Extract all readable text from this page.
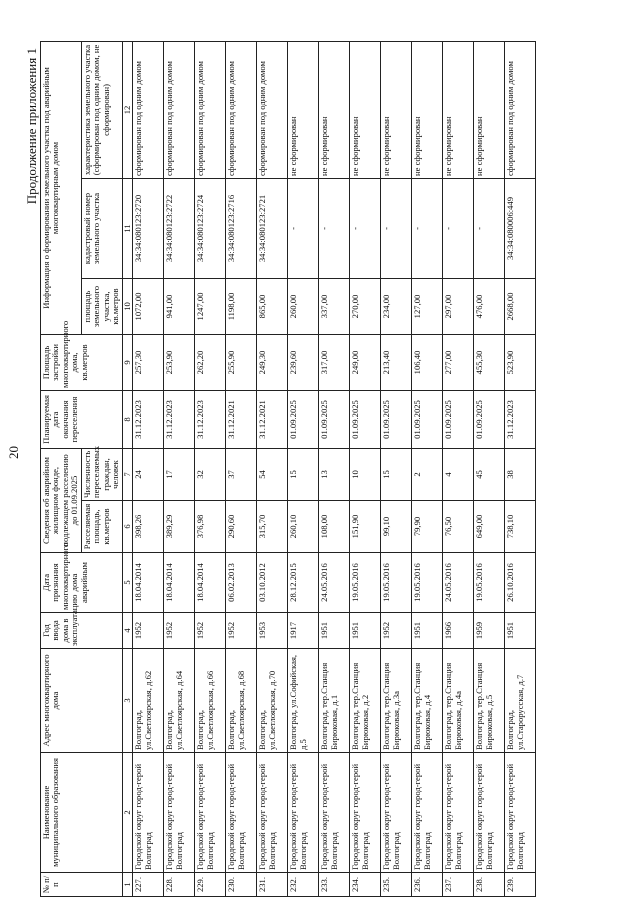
20
Продолжение приложения 1
№ п/п	Наименование муниципального образования	Адрес многоквартирного дома	Год ввода дома в эксплуатацию	Дата признания многоквартирного дома аварийным	Сведения об аварийном жилищном фонде, подлежащем расселению до 01.09.2025		Планируемая дата окончания переселения	Площадь застройки многоквартирного дома, кв.метров	Информация о формировании земельного участка под аварийным многоквартирным домом		
					Расселяемая площадь, кв.метров	Численность переселяемых граждан, человек			площадь земельного участка, кв.метров	кадастровый номер земельного участка	характеристика земельного участка (сформирован под одним домом, не сформирован)
1	2	3	4	5	6	7	8	9	10	11	12
227.	Городской округ город-герой Волгоград	Волгоград, ул.Светлоярская, д.62	1952	18.04.2014	398,26	24	31.12.2023	257,30	1072,00	34:34:080123:2720	сформирован под одним домом
228.	Городской округ город-герой Волгоград	Волгоград, ул.Светлоярская, д.64	1952	18.04.2014	389,29	17	31.12.2023	253,90	941,00	34:34:080123:2722	сформирован под одним домом
229.	Городской округ город-герой Волгоград	Волгоград, ул.Светлоярская, д.66	1952	18.04.2014	376,98	32	31.12.2023	262,20	1247,00	34:34:080123:2724	сформирован под одним домом
230.	Городской округ город-герой Волгоград	Волгоград, ул.Светлоярская, д.68	1952	06.02.2013	290,60	37	31.12.2021	255,90	1198,00	34:34:080123:2716	сформирован под одним домом
231.	Городской округ город-герой Волгоград	Волгоград, ул.Светлоярская, д.70	1953	03.10.2012	315,70	54	31.12.2021	249,30	865,00	34:34:080123:2721	сформирован под одним домом
232.	Городской округ город-герой Волгоград	Волгоград, ул.Софийская, д.5	1917	28.12.2015	260,10	15	01.09.2025	239,60	260,00	-	не сформирован
233.	Городской округ город-герой Волгоград	Волгоград, тер.Станция Бирюковая, д.1	1951	24.05.2016	108,00	13	01.09.2025	317,00	337,00	-	не сформирован
234.	Городской округ город-герой Волгоград	Волгоград, тер.Станция Бирюковая, д.2	1951	19.05.2016	151,90	10	01.09.2025	249,00	270,00	-	не сформирован
235.	Городской округ город-герой Волгоград	Волгоград, тер.Станция Бирюковая, д.3а	1952	19.05.2016	99,10	15	01.09.2025	213,40	234,00	-	не сформирован
236.	Городской округ город-герой Волгоград	Волгоград, тер.Станция Бирюковая, д.4	1951	19.05.2016	79,90	2	01.09.2025	106,40	127,00	-	не сформирован
237.	Городской округ город-герой Волгоград	Волгоград, тер.Станция Бирюковая, д.4а	1966	24.05.2016	76,50	4	01.09.2025	277,00	297,00	-	не сформирован
238.	Городской округ город-герой Волгоград	Волгоград, тер.Станция Бирюковая, д.5	1959	19.05.2016	649,00	45	01.09.2025	455,30	476,00	-	не сформирован
239.	Городской округ город-герой Волгоград	Волгоград, ул.Старорусская, д.7	1951	26.10.2016	738,10	38	31.12.2023	523,90	2668,00	34:34:080006:449	сформирован под одним домом
